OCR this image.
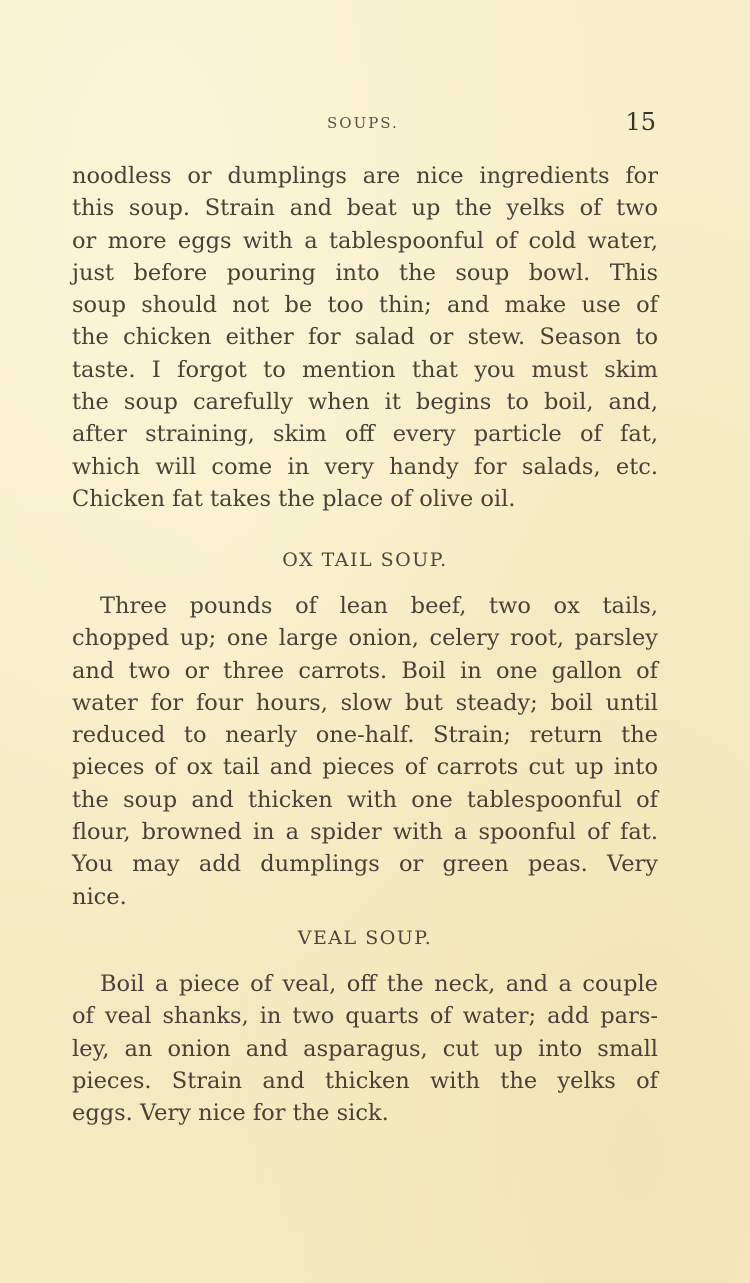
SOUPS.	15
noodless or dumplings are nice ingredients for
this soup. Strain and beat up the yelks of two
or more eggs with a tablespoonful of cold water,
just before pouring into the soup bowl. This
soup should not be too thin; and make use of
the chicken either for salad or stew. Season to
taste. I forgot to mention that you must skim
the soup carefully when it begins to boil, and,
after straining, skim off every particle of fat,
which will come in very handy for salads, etc.
Chicken fat takes the place of olive oil.
OX TAIL SOUP.
Three pounds of lean beef, two ox tails,
chopped up; one large onion, celery root, parsley
and two or three carrots. Boil in one gallon of
water for four hours, slow but steady; boil until
reduced to nearly one-half. Strain; return the
pieces of ox tail and pieces of carrots cut up into
the soup and thicken with one tablespoonful of
flour, browned in a spider with a spoonful of fat.
You may add dumplings or green peas. Very
nice.
VEAL SOUP.
Boil a piece of veal, off the neck, and a couple
of veal shanks, in two quarts of water; add pars-
ley, an onion and asparagus, cut up into small
pieces. Strain and thicken with the yelks of
eggs. Very nice for the sick.
